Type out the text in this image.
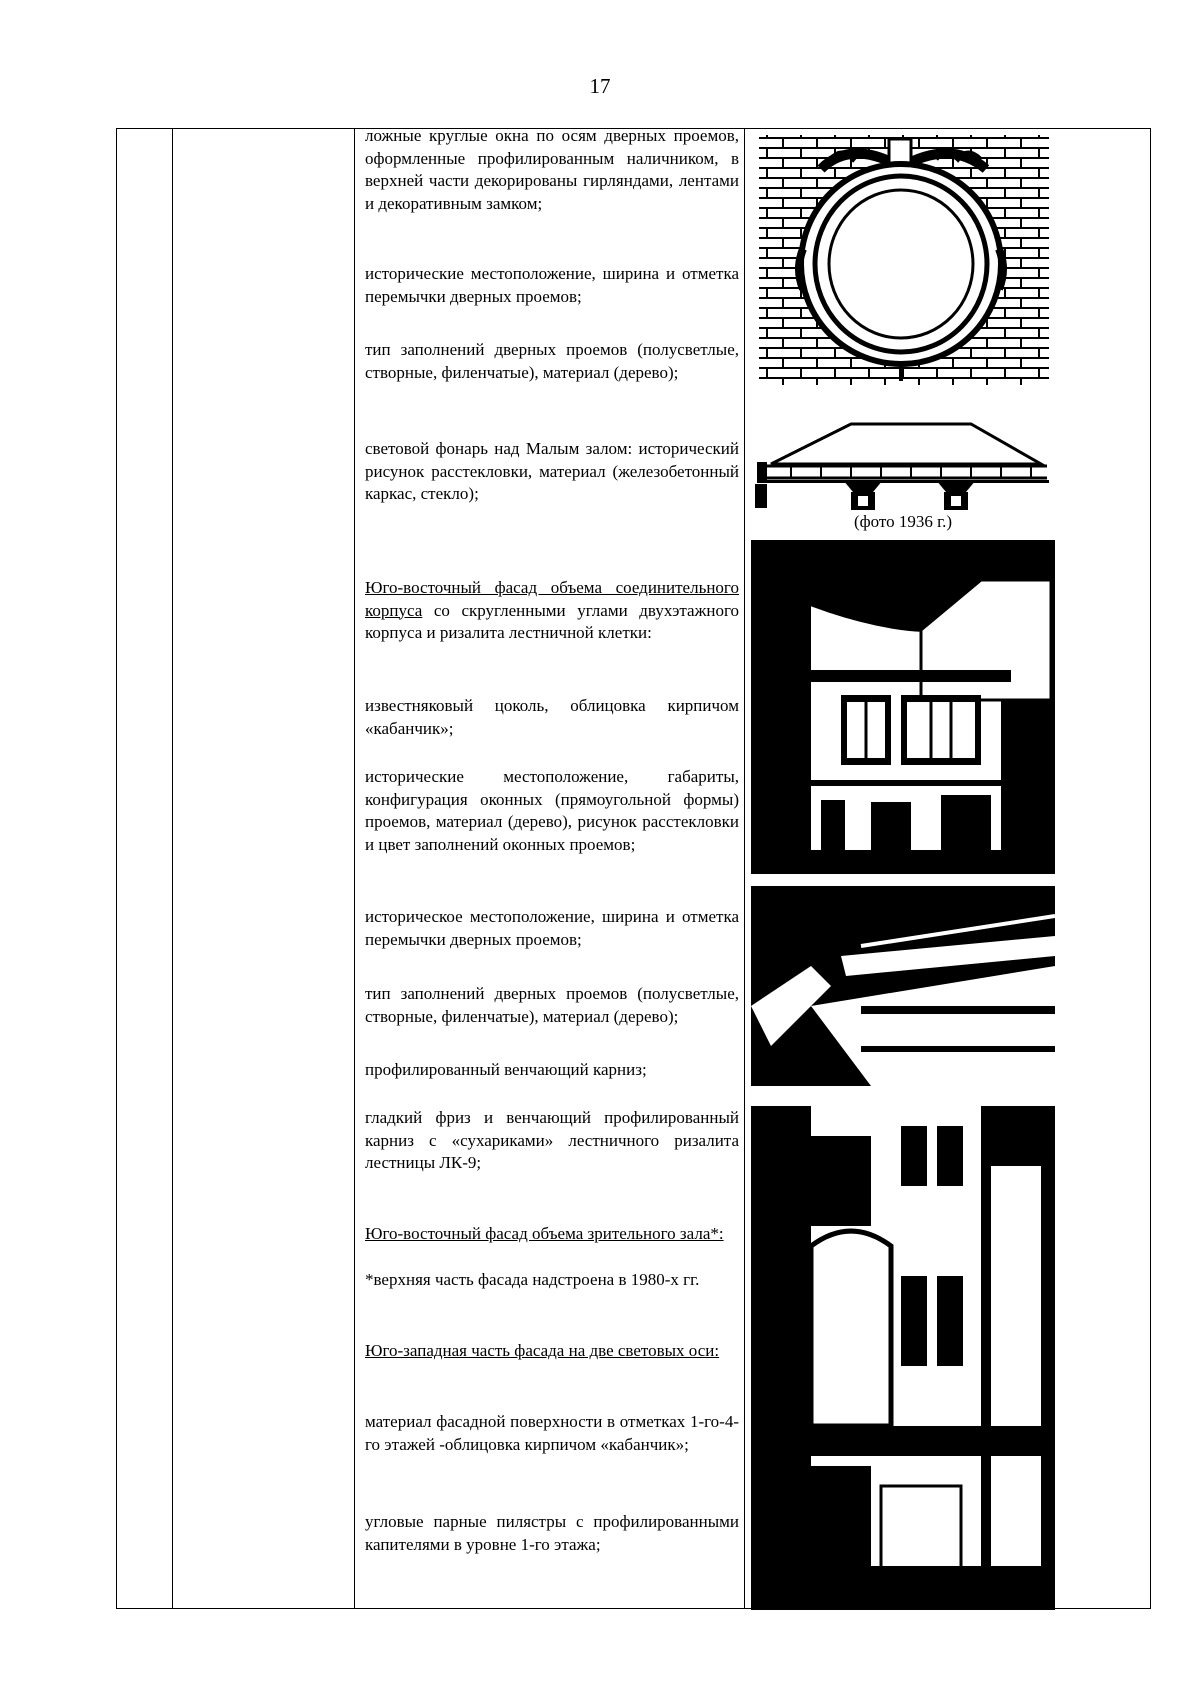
17

ложные круглые окна по осям дверных проемов, оформленные профилированным наличником, в верхней части декорированы гирляндами, лентами и декоративным замком;

исторические местоположение, ширина и отметка перемычки дверных проемов;

тип заполнений дверных проемов (полусветлые, створные, филенчатые), материал (дерево);

световой фонарь над Малым залом: исторический рисунок расстекловки, материал (железобетонный каркас, стекло);

Юго-восточный фасад объема соединительного корпуса со скругленными углами двухэтажного корпуса и ризалита лестничной клетки:

известняковый цоколь, облицовка кирпичом «кабанчик»;

исторические местоположение, габариты, конфигурация оконных (прямоугольной формы) проемов, материал (дерево), рисунок расстекловки и цвет заполнений оконных проемов;

историческое местоположение, ширина и отметка перемычки дверных проемов;

тип заполнений дверных проемов (полусветлые, створные, филенчатые), материал (дерево);

профилированный венчающий карниз;

гладкий фриз и венчающий профилированный карниз с «сухариками» лестничного ризалита лестницы ЛК-9;

Юго-восточный фасад объема зрительного зала*:

*верхняя часть фасада надстроена в 1980-х гг.

Юго-западная часть фасада на две световых оси:

материал фасадной поверхности в отметках 1-го-4-го этажей -облицовка кирпичом «кабанчик»;

угловые парные пилястры с профилированными капителями в уровне 1-го этажа;

(фото 1936 г.)
